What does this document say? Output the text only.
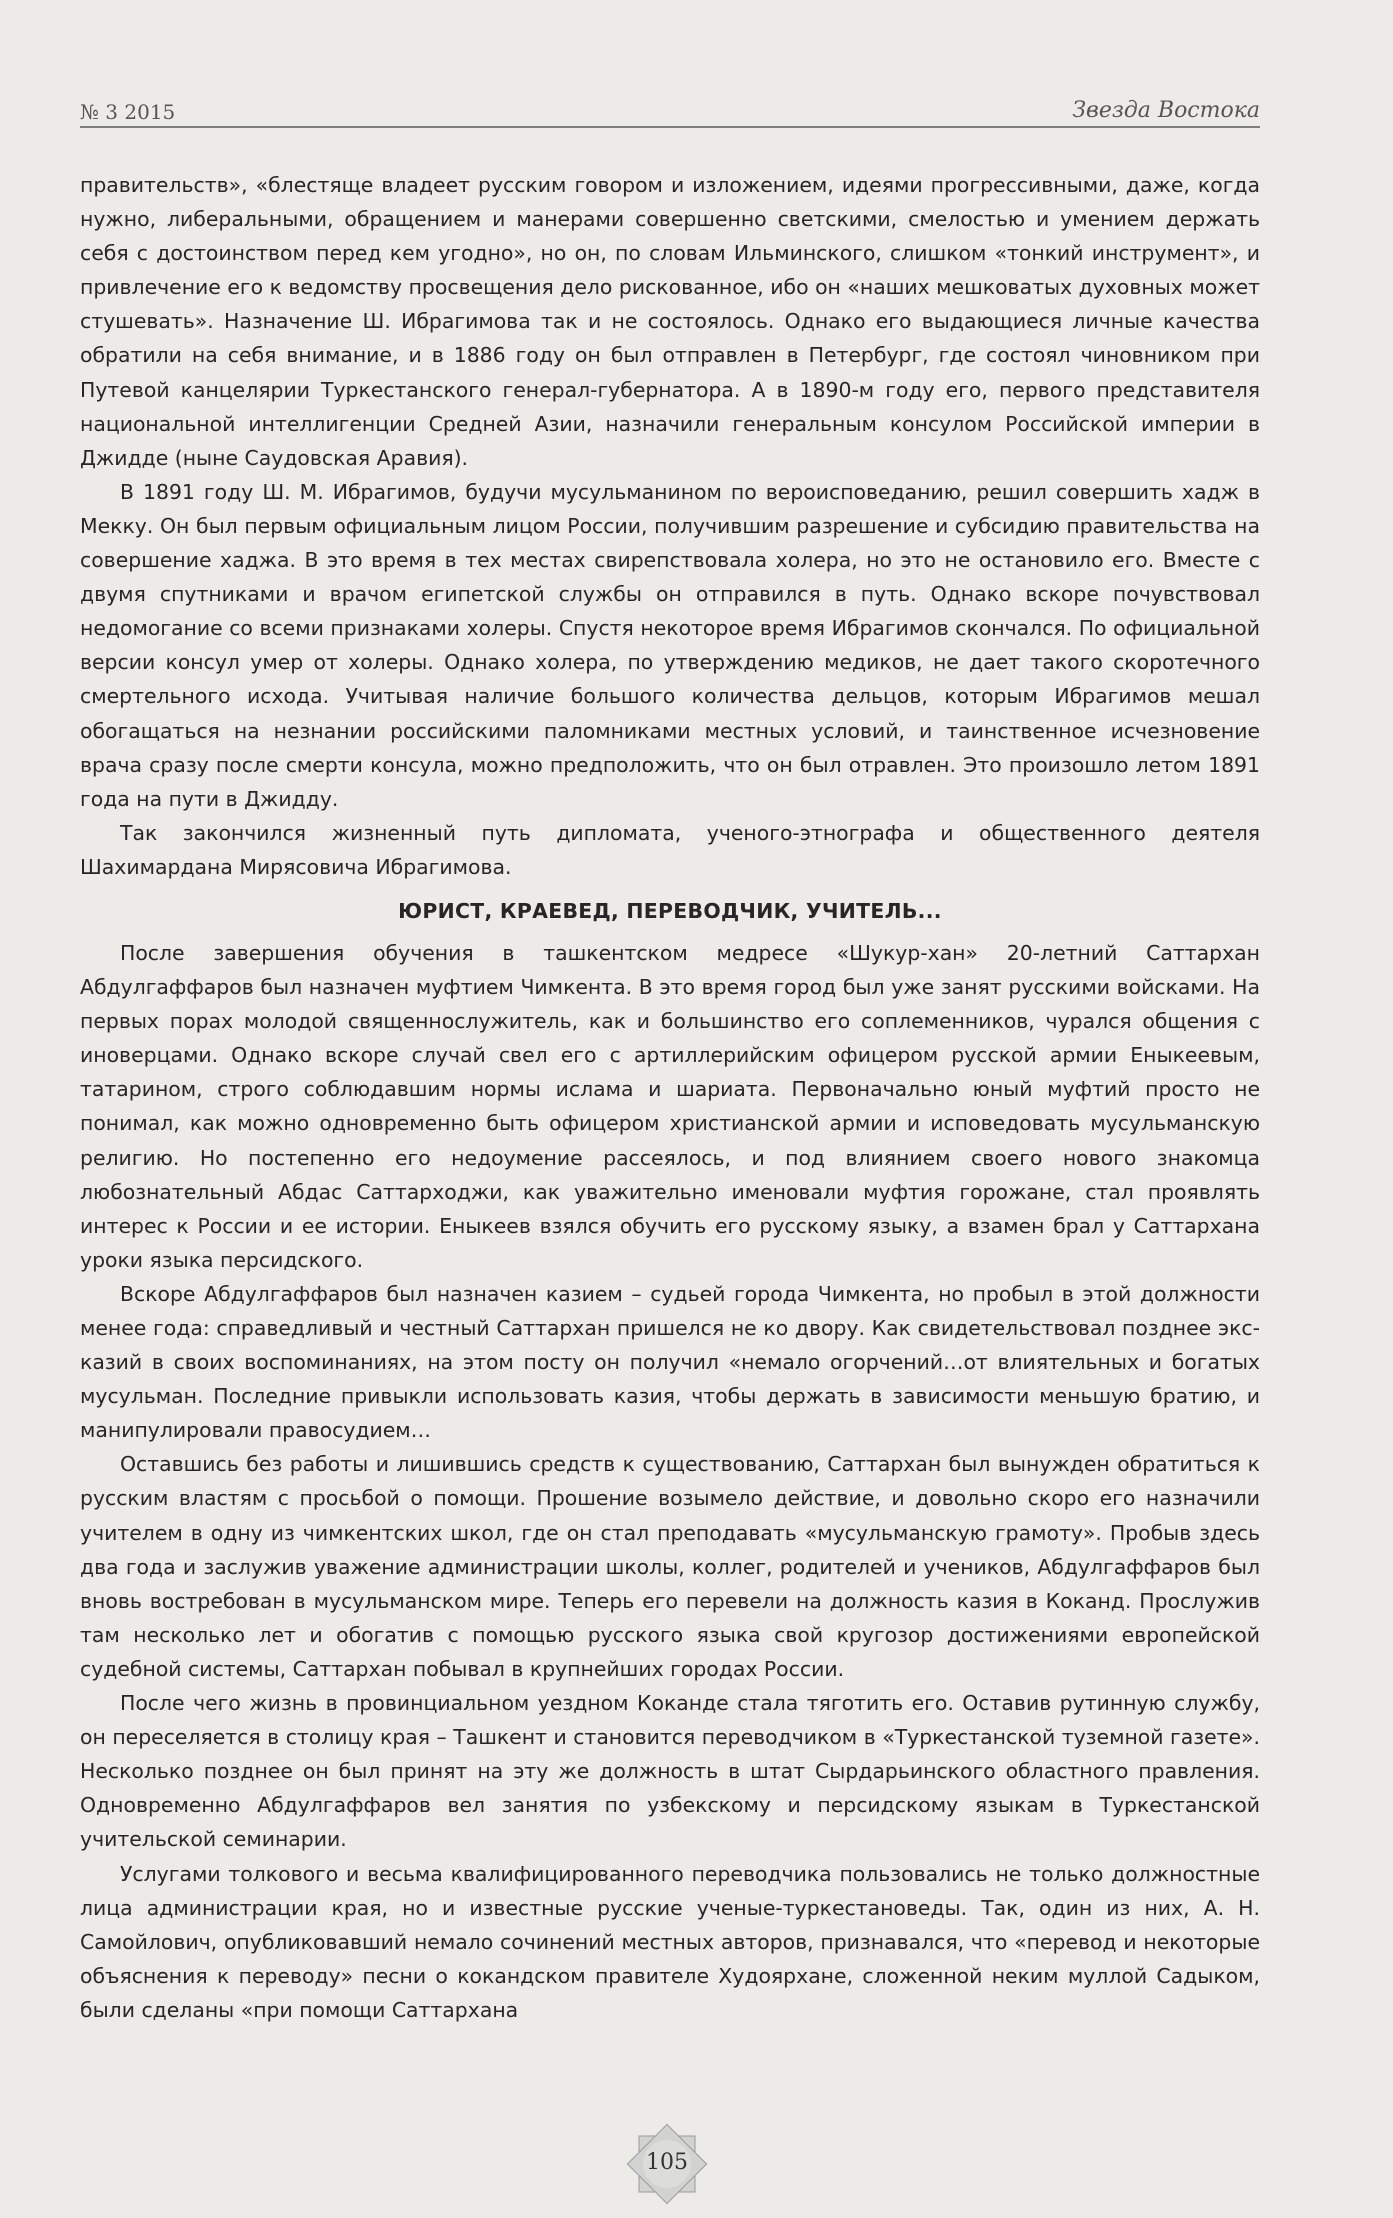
№ 3 2015	Звезда Востока

правительств», «блестяще владеет русским говором и изложением, идеями прогрессивными, даже, когда нужно, либеральными, обращением и манерами совершенно светскими, смелостью и умением держать себя с достоинством перед кем угодно», но он, по словам Ильминского, слишком «тонкий инструмент», и привлечение его к ведомству просвещения дело рискованное, ибо он «наших мешковатых духовных может стушевать». Назначение Ш. Ибрагимова так и не состоялось. Однако его выдающиеся личные качества обратили на себя внимание, и в 1886 году он был отправлен в Петербург, где состоял чиновником при Путевой канцелярии Туркестанского генерал-губернатора. А в 1890-м году его, первого представителя национальной интеллигенции Средней Азии, назначили генеральным консулом Российской империи в Джидде (ныне Саудовская Аравия).

В 1891 году Ш. М. Ибрагимов, будучи мусульманином по вероисповеданию, решил совершить хадж в Мекку. Он был первым официальным лицом России, получившим разрешение и субсидию правительства на совершение хаджа. В это время в тех местах свирепствовала холера, но это не остановило его. Вместе с двумя спутниками и врачом египетской службы он отправился в путь. Однако вскоре почувствовал недомогание со всеми признаками холеры. Спустя некоторое время Ибрагимов скончался. По официальной версии консул умер от холеры. Однако холера, по утверждению медиков, не дает такого скоротечного смертельного исхода. Учитывая наличие большого количества дельцов, которым Ибрагимов мешал обогащаться на незнании российскими паломниками местных условий, и таинственное исчезновение врача сразу после смерти консула, можно предположить, что он был отравлен. Это произошло летом 1891 года на пути в Джидду.

Так закончился жизненный путь дипломата, ученого-этнографа и общественного деятеля Шахимардана Мирясовича Ибрагимова.

ЮРИСТ, КРАЕВЕД, ПЕРЕВОДЧИК, УЧИТЕЛЬ...

После завершения обучения в ташкентском медресе «Шукур-хан» 20-летний Саттархан Абдулгаффаров был назначен муфтием Чимкента. В это время город был уже занят русскими войсками. На первых порах молодой священнослужитель, как и большинство его соплеменников, чурался общения с иноверцами. Однако вскоре случай свел его с артиллерийским офицером русской армии Еныкеевым, татарином, строго соблюдавшим нормы ислама и шариата. Первоначально юный муфтий просто не понимал, как можно одновременно быть офицером христианской армии и исповедовать мусульманскую религию. Но постепенно его недоумение рассеялось, и под влиянием своего нового знакомца любознательный Абдас Саттарходжи, как уважительно именовали муфтия горожане, стал проявлять интерес к России и ее истории. Еныкеев взялся обучить его русскому языку, а взамен брал у Саттархана уроки языка персидского.

Вскоре Абдулгаффаров был назначен казием – судьей города Чимкента, но пробыл в этой должности менее года: справедливый и честный Саттархан пришелся не ко двору. Как свидетельствовал позднее экс-казий в своих воспоминаниях, на этом посту он получил «немало огорчений…от влиятельных и богатых мусульман. Последние привыкли использовать казия, чтобы держать в зависимости меньшую братию, и манипулировали правосудием…

Оставшись без работы и лишившись средств к существованию, Саттархан был вынужден обратиться к русским властям с просьбой о помощи. Прошение возымело действие, и довольно скоро его назначили учителем в одну из чимкентских школ, где он стал преподавать «мусульманскую грамоту». Пробыв здесь два года и заслужив уважение администрации школы, коллег, родителей и учеников, Абдулгаффаров был вновь востребован в мусульманском мире. Теперь его перевели на должность казия в Коканд. Прослужив там несколько лет и обогатив с помощью русского языка свой кругозор достижениями европейской судебной системы, Саттархан побывал в крупнейших городах России.

После чего жизнь в провинциальном уездном Коканде стала тяготить его. Оставив рутинную службу, он переселяется в столицу края – Ташкент и становится переводчиком в «Туркестанской туземной газете». Несколько позднее он был принят на эту же должность в штат Сырдарьинского областного правления. Одновременно Абдулгаффаров вел занятия по узбекскому и персидскому языкам в Туркестанской учительской семинарии.

Услугами толкового и весьма квалифицированного переводчика пользовались не только должностные лица администрации края, но и известные русские ученые-туркестановеды. Так, один из них, А. Н. Самойлович, опубликовавший немало сочинений местных авторов, признавался, что «перевод и некоторые объяснения к переводу» песни о кокандском правителе Худоярхане, сложенной неким муллой Садыком, были сделаны «при помощи Саттархана

105
